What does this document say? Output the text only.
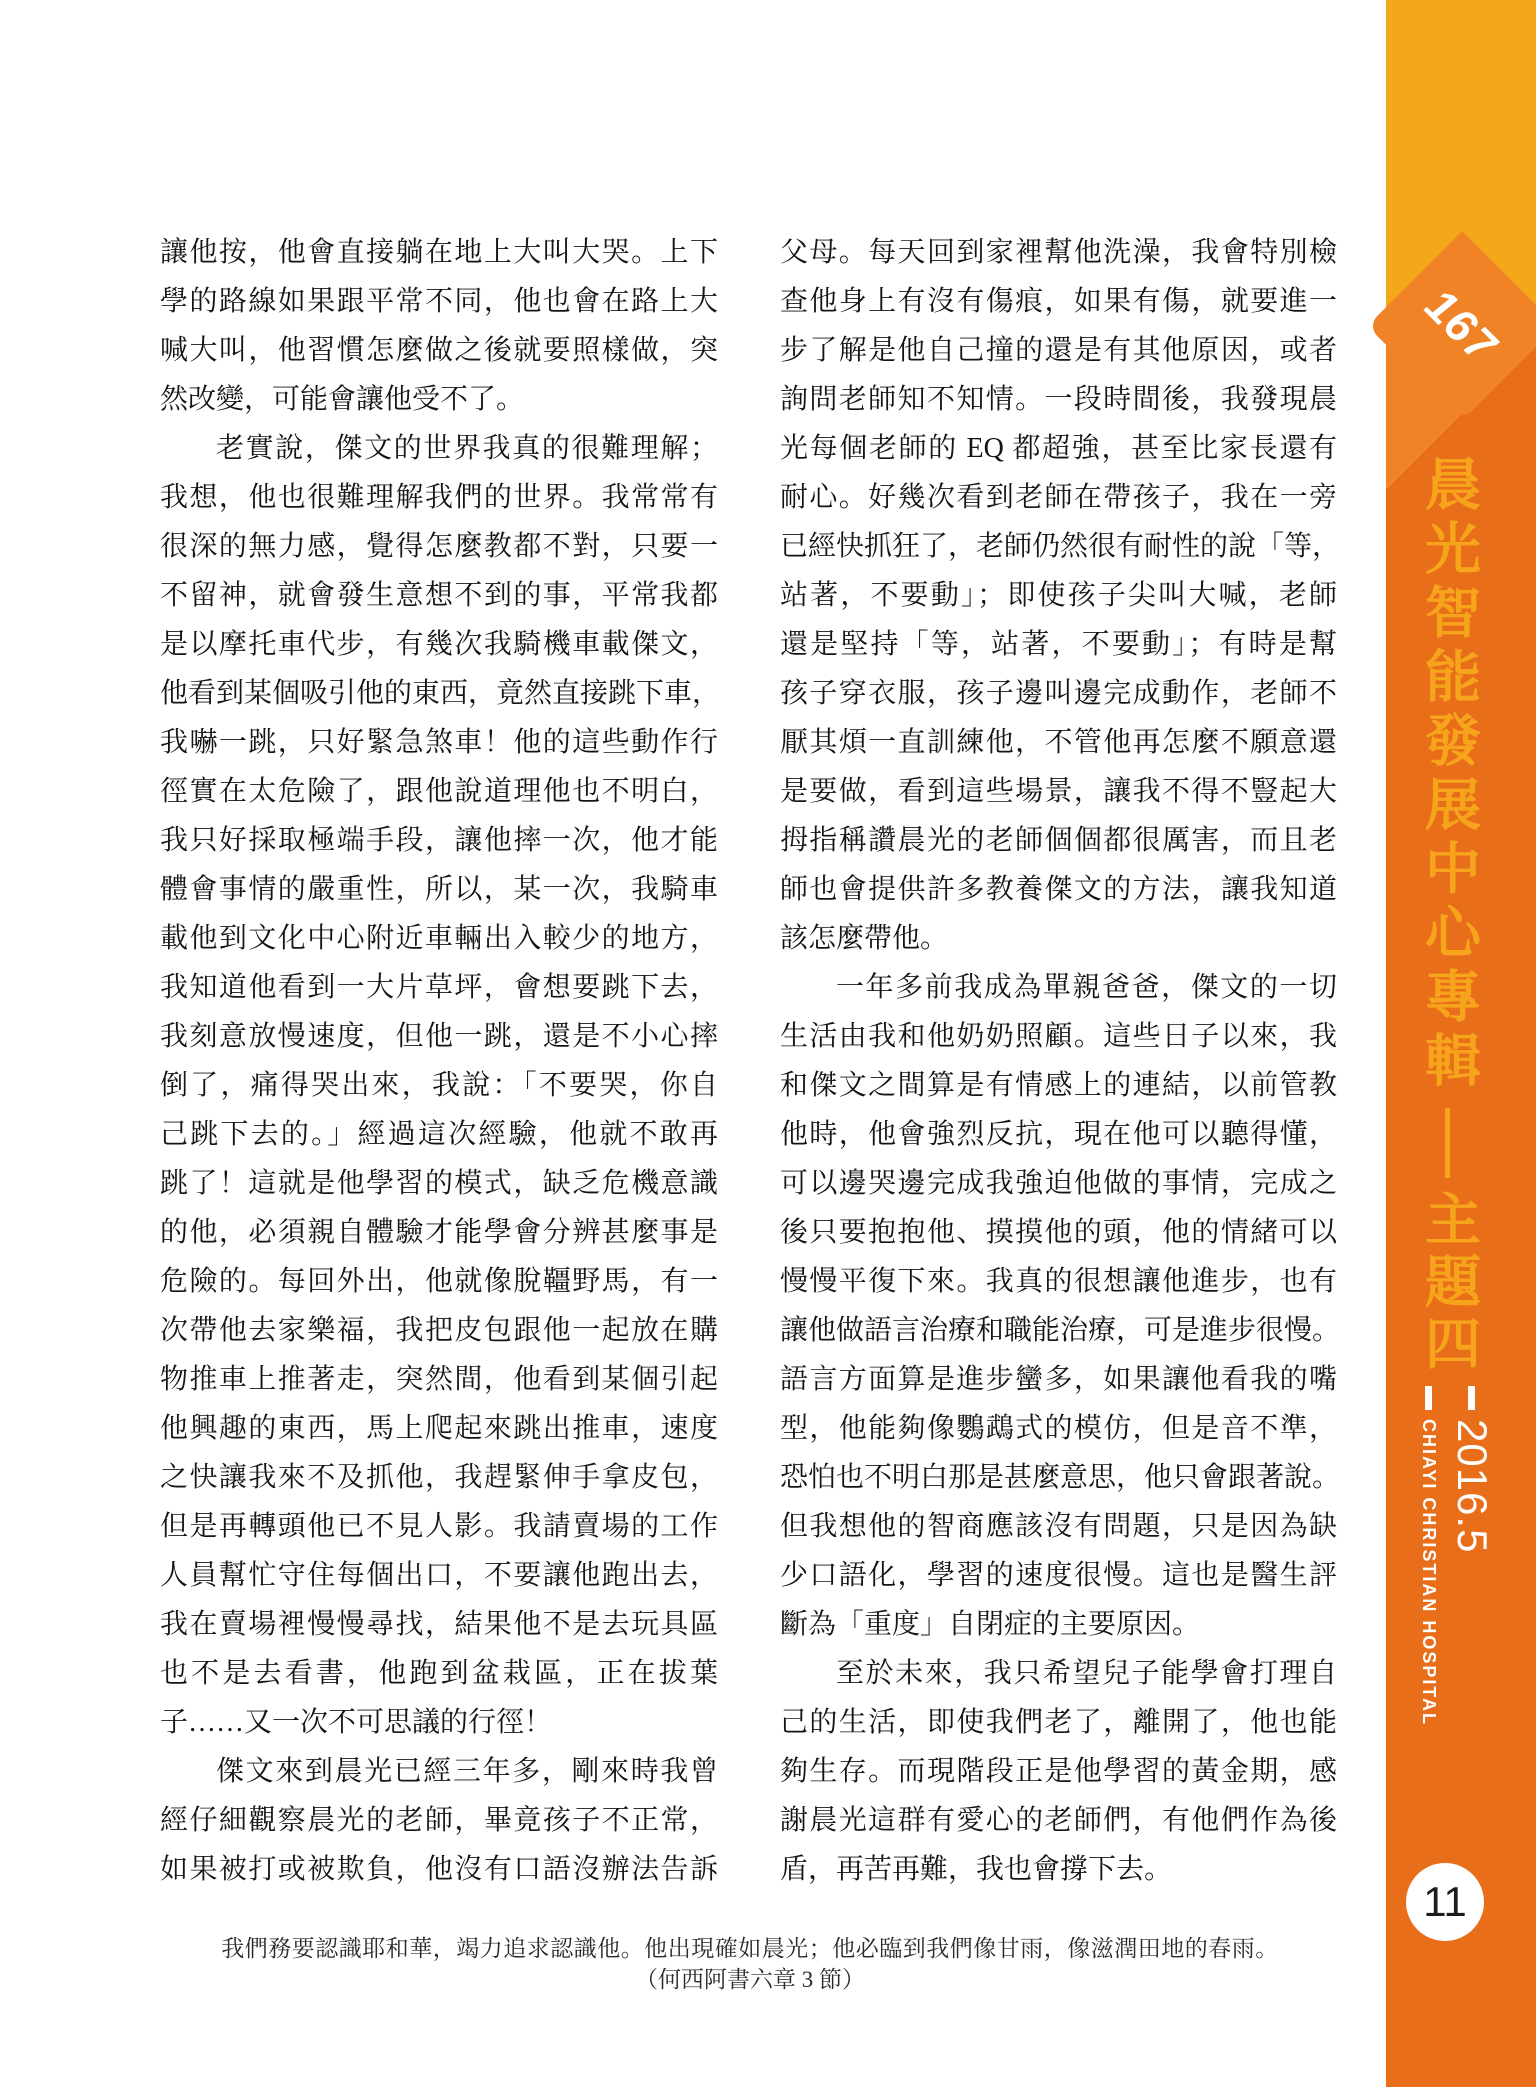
讓他按，他會直接躺在地上大叫大哭。上下
學的路線如果跟平常不同，他也會在路上大
喊大叫，他習慣怎麼做之後就要照樣做，突
然改變，可能會讓他受不了。
老實說，傑文的世界我真的很難理解；
我想，他也很難理解我們的世界。我常常有
很深的無力感，覺得怎麼教都不對，只要一
不留神，就會發生意想不到的事，平常我都
是以摩托車代步，有幾次我騎機車載傑文，
他看到某個吸引他的東西，竟然直接跳下車，
我嚇一跳，只好緊急煞車！他的這些動作行
徑實在太危險了，跟他說道理他也不明白，
我只好採取極端手段，讓他摔一次，他才能
體會事情的嚴重性，所以，某一次，我騎車
載他到文化中心附近車輛出入較少的地方，
我知道他看到一大片草坪，會想要跳下去，
我刻意放慢速度，但他一跳，還是不小心摔
倒了，痛得哭出來，我說：「不要哭，你自
己跳下去的。」經過這次經驗，他就不敢再
跳了！這就是他學習的模式，缺乏危機意識
的他，必須親自體驗才能學會分辨甚麼事是
危險的。每回外出，他就像脫韁野馬，有一
次帶他去家樂福，我把皮包跟他一起放在購
物推車上推著走，突然間，他看到某個引起
他興趣的東西，馬上爬起來跳出推車，速度
之快讓我來不及抓他，我趕緊伸手拿皮包，
但是再轉頭他已不見人影。我請賣場的工作
人員幫忙守住每個出口，不要讓他跑出去，
我在賣場裡慢慢尋找，結果他不是去玩具區
也不是去看書，他跑到盆栽區，正在拔葉
子……又一次不可思議的行徑！
傑文來到晨光已經三年多，剛來時我曾
經仔細觀察晨光的老師，畢竟孩子不正常，
如果被打或被欺負，他沒有口語沒辦法告訴
父母。每天回到家裡幫他洗澡，我會特別檢
查他身上有沒有傷痕，如果有傷，就要進一
步了解是他自己撞的還是有其他原因，或者
詢問老師知不知情。一段時間後，我發現晨
光每個老師的 EQ 都超強，甚至比家長還有
耐心。好幾次看到老師在帶孩子，我在一旁
已經快抓狂了，老師仍然很有耐性的說「等，
站著，不要動」；即使孩子尖叫大喊，老師
還是堅持「等，站著，不要動」；有時是幫
孩子穿衣服，孩子邊叫邊完成動作，老師不
厭其煩一直訓練他，不管他再怎麼不願意還
是要做，看到這些場景，讓我不得不豎起大
拇指稱讚晨光的老師個個都很厲害，而且老
師也會提供許多教養傑文的方法，讓我知道
該怎麼帶他。
一年多前我成為單親爸爸，傑文的一切
生活由我和他奶奶照顧。這些日子以來，我
和傑文之間算是有情感上的連結，以前管教
他時，他會強烈反抗，現在他可以聽得懂，
可以邊哭邊完成我強迫他做的事情，完成之
後只要抱抱他、摸摸他的頭，他的情緒可以
慢慢平復下來。我真的很想讓他進步，也有
讓他做語言治療和職能治療，可是進步很慢。
語言方面算是進步蠻多，如果讓他看我的嘴
型，他能夠像鸚鵡式的模仿，但是音不準，
恐怕也不明白那是甚麼意思，他只會跟著說。
但我想他的智商應該沒有問題，只是因為缺
少口語化，學習的速度很慢。這也是醫生評
斷為「重度」自閉症的主要原因。
至於未來，我只希望兒子能學會打理自
己的生活，即使我們老了，離開了，他也能
夠生存。而現階段正是他學習的黃金期，感
謝晨光這群有愛心的老師們，有他們作為後
盾，再苦再難，我也會撐下去。
我們務要認識耶和華，竭力追求認識他。他出現確如晨光；他必臨到我們像甘雨，像滋潤田地的春雨。
（何西阿書六章 3 節）
167
晨光智能發展中心專輯
主題四
2016.5
CHIAYI CHRISTIAN HOSPITAL
11
